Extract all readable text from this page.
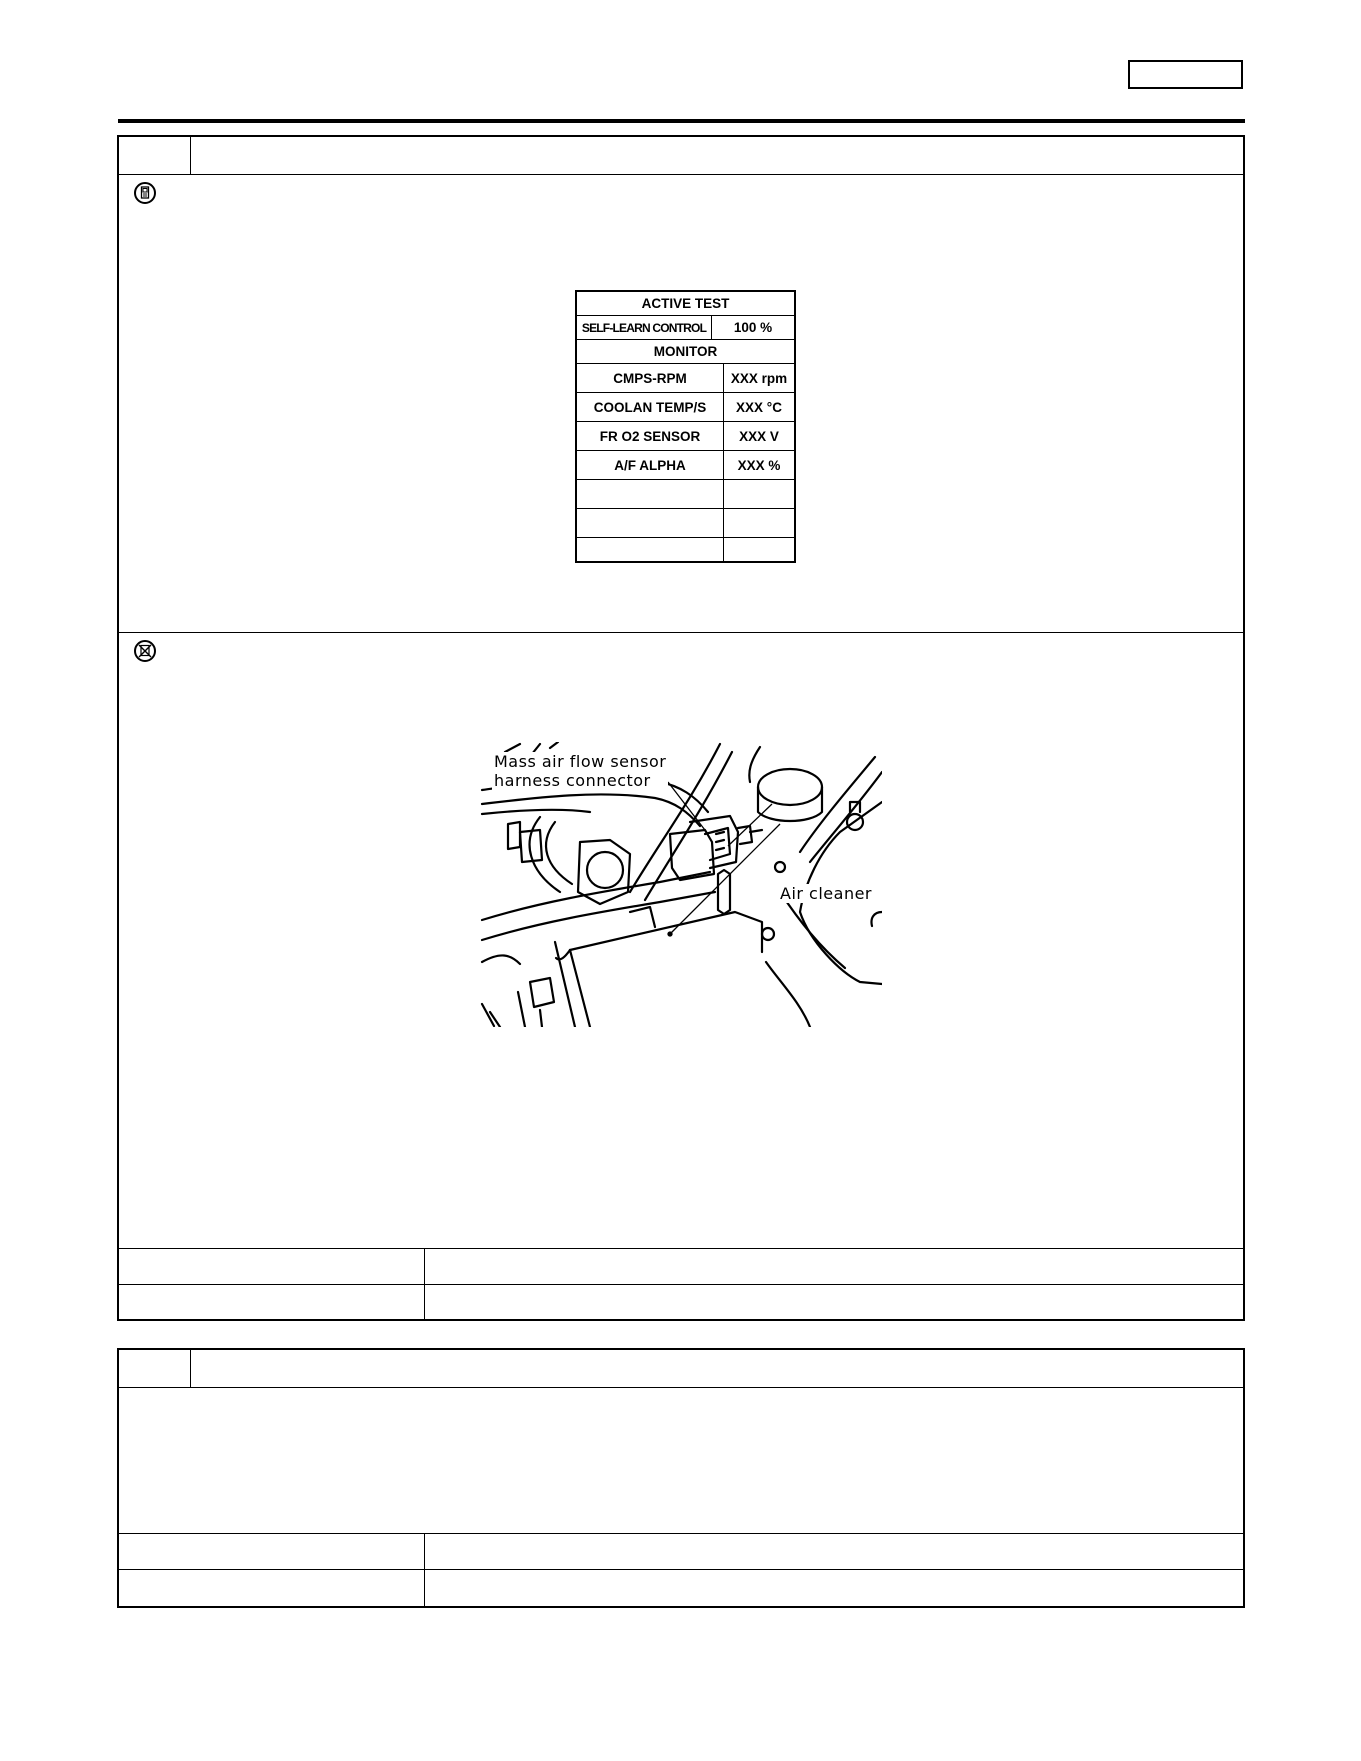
ACTIVE TEST
SELF-LEARN CONTROL	100 %
MONITOR
CMPS-RPM	XXX rpm
COOLAN TEMP/S	XXX °C
FR O2 SENSOR	XXX V
A/F ALPHA	XXX %
Mass air flow sensor
harness connector
Air cleaner
